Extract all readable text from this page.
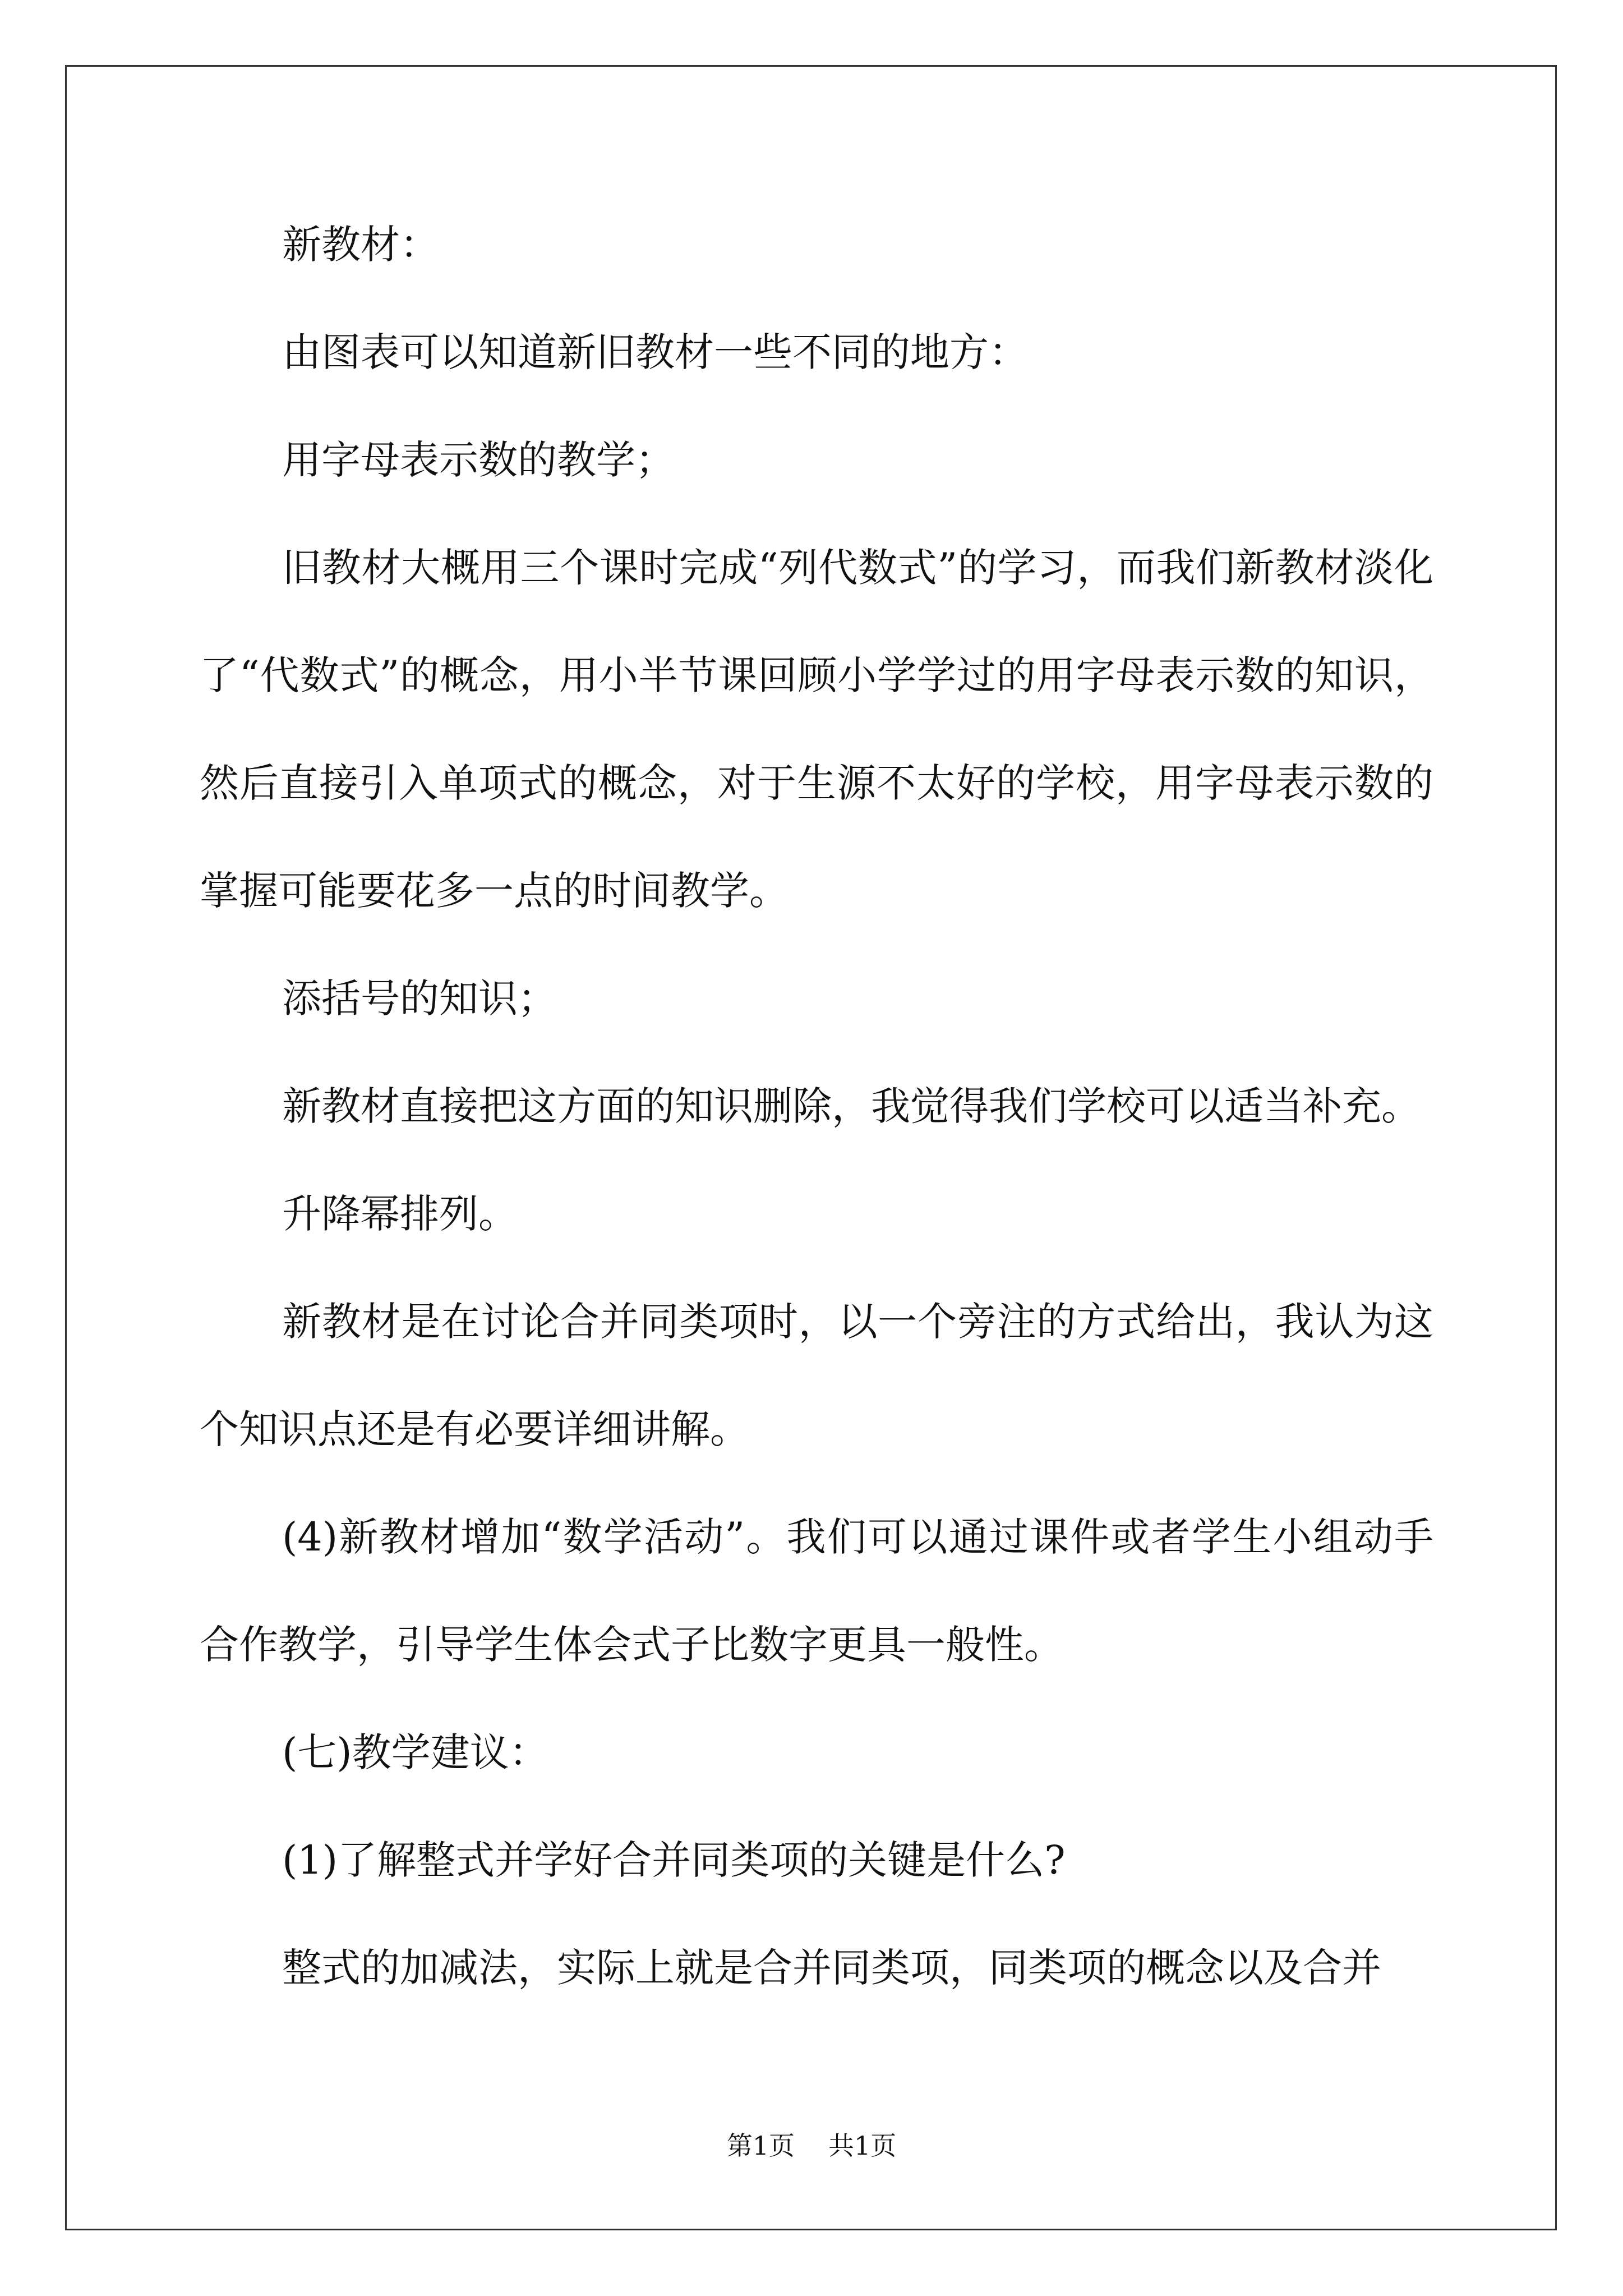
新教材：

由图表可以知道新旧教材一些不同的地方：

用字母表示数的教学；

旧教材大概用三个课时完成“列代数式”的学习，而我们新教材淡化了“代数式”的概念，用小半节课回顾小学学过的用字母表示数的知识，然后直接引入单项式的概念，对于生源不太好的学校，用字母表示数的掌握可能要花多一点的时间教学。

添括号的知识；

新教材直接把这方面的知识删除，我觉得我们学校可以适当补充。

升降幂排列。

新教材是在讨论合并同类项时，以一个旁注的方式给出，我认为这个知识点还是有必要详细讲解。

(4)新教材增加“数学活动”。我们可以通过课件或者学生小组动手合作教学，引导学生体会式子比数字更具一般性。

(七)教学建议：

(1)了解整式并学好合并同类项的关键是什么?

整式的加减法，实际上就是合并同类项，同类项的概念以及合并

第1页 共1页
